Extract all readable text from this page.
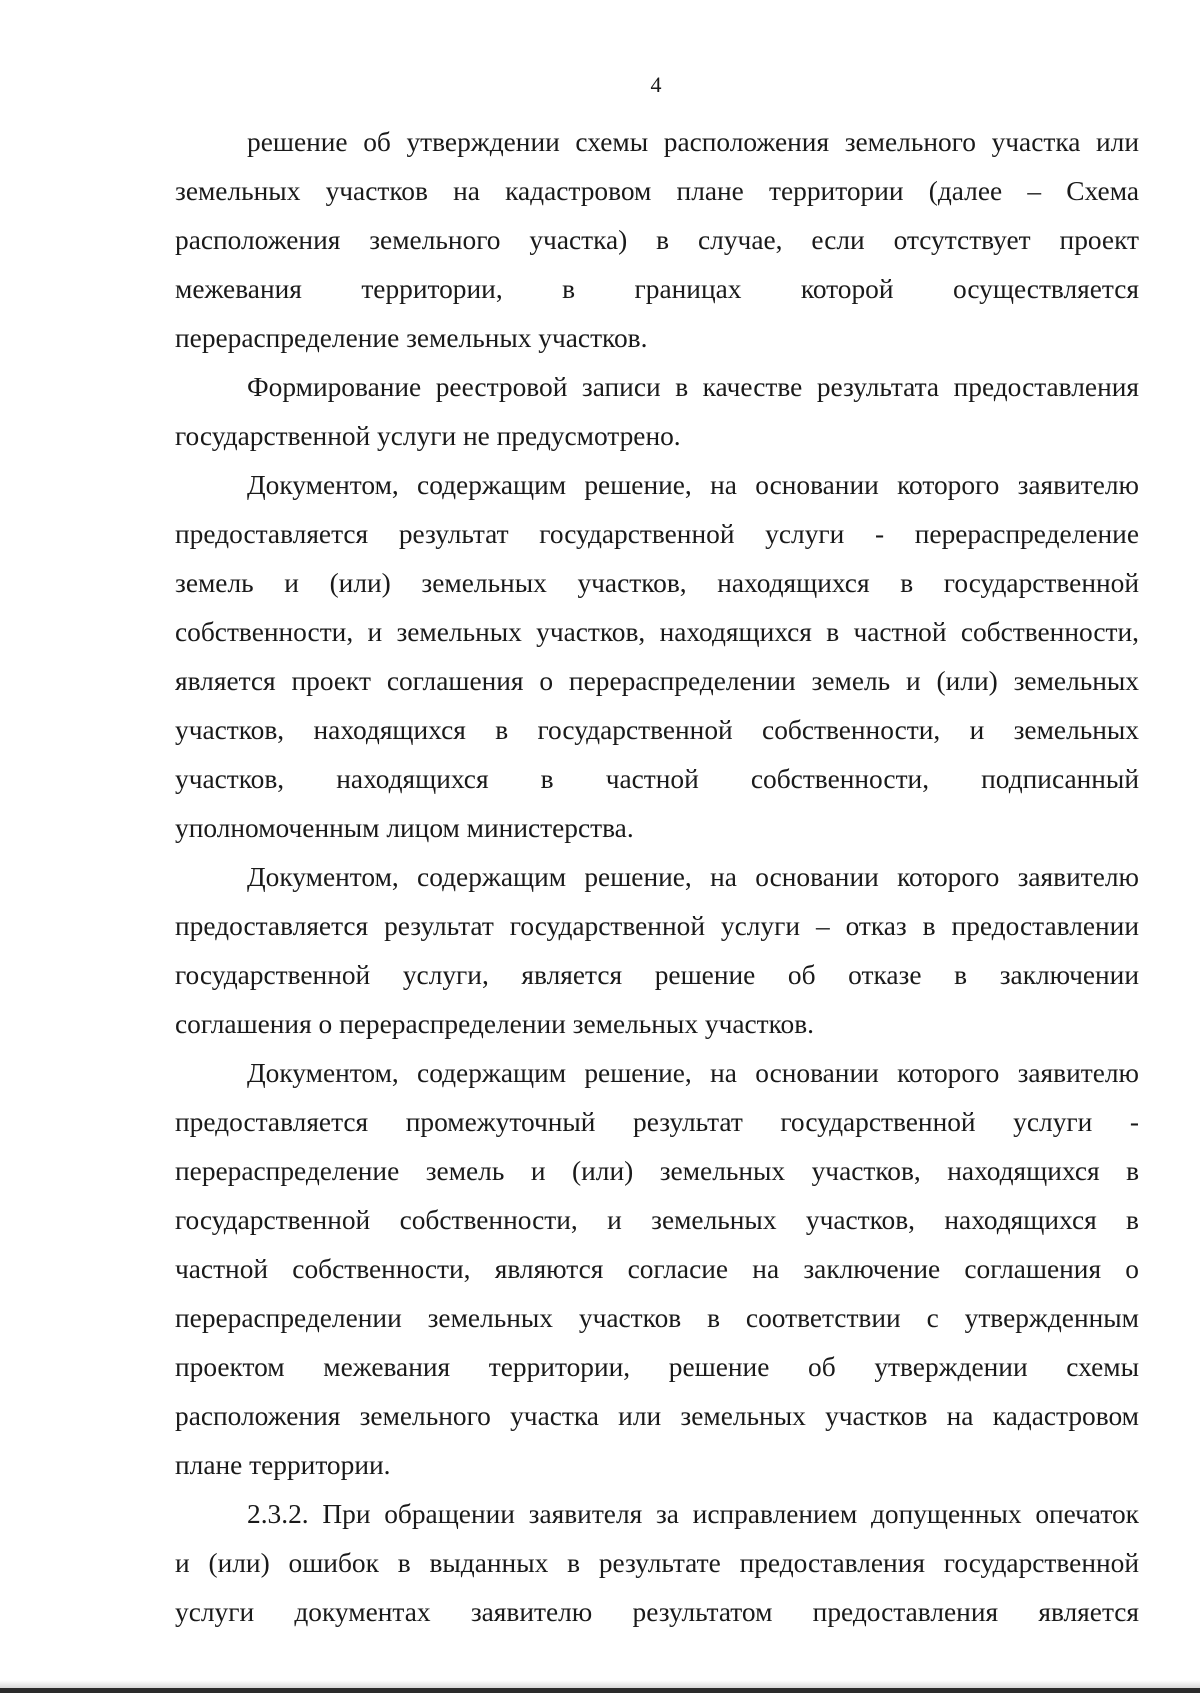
4
решение об утверждении схемы расположения земельного участка или
земельных участков на кадастровом плане территории (далее – Схема
расположения земельного участка) в случае, если отсутствует проект
межевания территории, в границах которой осуществляется
перераспределение земельных участков.
Формирование реестровой записи в качестве результата предоставления
государственной услуги не предусмотрено.
Документом, содержащим решение, на основании которого заявителю
предоставляется результат государственной услуги - перераспределение
земель и (или) земельных участков, находящихся в государственной
собственности, и земельных участков, находящихся в частной собственности,
является проект соглашения о перераспределении земель и (или) земельных
участков, находящихся в государственной собственности, и земельных
участков, находящихся в частной собственности, подписанный
уполномоченным лицом министерства.
Документом, содержащим решение, на основании которого заявителю
предоставляется результат государственной услуги – отказ в предоставлении
государственной услуги, является решение об отказе в заключении
соглашения о перераспределении земельных участков.
Документом, содержащим решение, на основании которого заявителю
предоставляется промежуточный результат государственной услуги -
перераспределение земель и (или) земельных участков, находящихся в
государственной собственности, и земельных участков, находящихся в
частной собственности, являются согласие на заключение соглашения о
перераспределении земельных участков в соответствии с утвержденным
проектом межевания территории, решение об утверждении схемы
расположения земельного участка или земельных участков на кадастровом
плане территории.
2.3.2. При обращении заявителя за исправлением допущенных опечаток
и (или) ошибок в выданных в результате предоставления государственной
услуги документах заявителю результатом предоставления является
